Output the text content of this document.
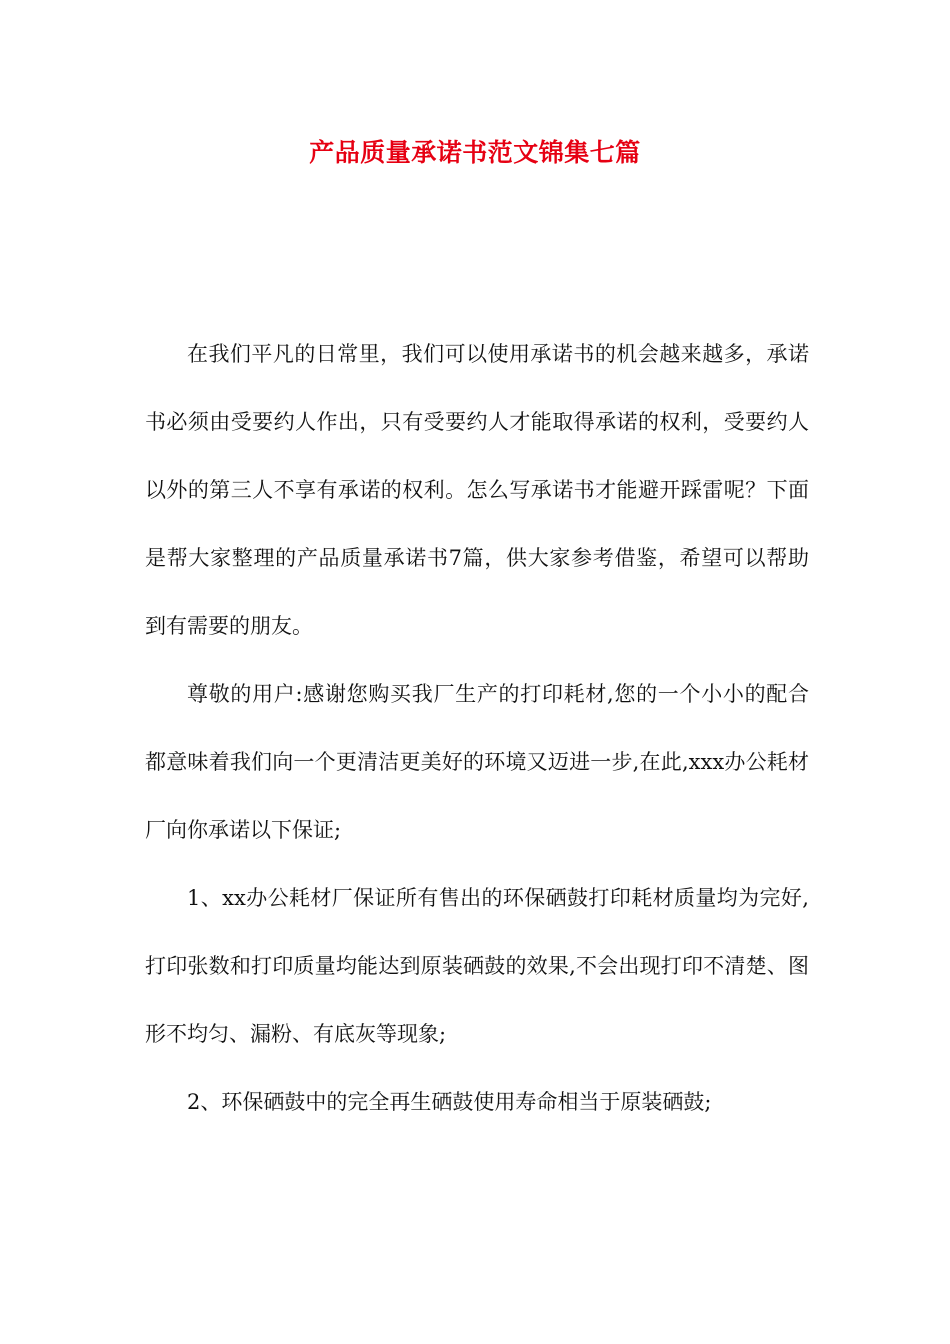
产品质量承诺书范文锦集七篇

在我们平凡的日常里，我们可以使用承诺书的机会越来越多，承诺书必须由受要约人作出，只有受要约人才能取得承诺的权利，受要约人以外的第三人不享有承诺的权利。怎么写承诺书才能避开踩雷呢？下面是帮大家整理的产品质量承诺书7篇，供大家参考借鉴，希望可以帮助到有需要的朋友。

尊敬的用户:感谢您购买我厂生产的打印耗材,您的一个小小的配合都意味着我们向一个更清洁更美好的环境又迈进一步,在此,xxx办公耗材厂向你承诺以下保证;

1、xx办公耗材厂保证所有售出的环保硒鼓打印耗材质量均为完好,打印张数和打印质量均能达到原装硒鼓的效果,不会出现打印不清楚、图形不均匀、漏粉、有底灰等现象;

2、环保硒鼓中的完全再生硒鼓使用寿命相当于原装硒鼓;
